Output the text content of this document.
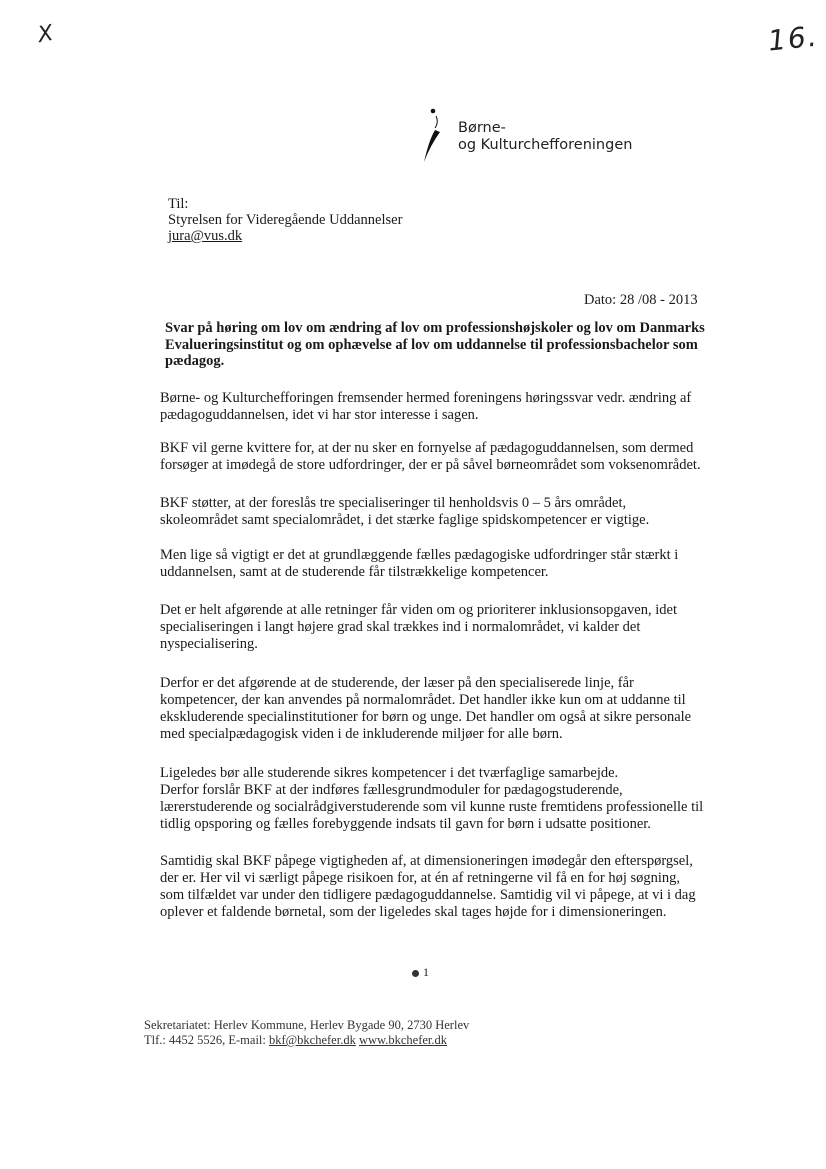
X	16.
Børne-
og Kulturchefforeningen
Til:
Styrelsen for Videregående Uddannelser
jura@vus.dk
Dato: 28 /08 - 2013
Svar på høring om lov om ændring af lov om professionshøjskoler og lov om Danmarks Evalueringsinstitut og om ophævelse af lov om uddannelse til professionsbachelor som pædagog.
Børne- og Kulturchefforingen fremsender hermed foreningens høringssvar vedr. ændring af
pædagoguddannelsen, idet vi har stor interesse i sagen.
BKF vil gerne kvittere for, at der nu sker en fornyelse af pædagoguddannelsen, som dermed
forsøger at imødegå de store udfordringer, der er på såvel børneområdet som voksenområdet.
BKF støtter, at der foreslås tre specialiseringer til henholdsvis 0 – 5 års området,
skoleområdet samt specialområdet, i det stærke faglige spidskompetencer er vigtige.
Men lige så vigtigt er det at grundlæggende fælles pædagogiske udfordringer står stærkt i
uddannelsen, samt at de studerende får tilstrækkelige kompetencer.
Det er helt afgørende at alle retninger får viden om og prioriterer inklusionsopgaven, idet
specialiseringen i langt højere grad skal trækkes ind i normalområdet, vi kalder det
nyspecialisering.
Derfor er det afgørende at de studerende, der læser på den specialiserede linje, får
kompetencer, der kan anvendes på normalområdet. Det handler ikke kun om at uddanne til
ekskluderende specialinstitutioner for børn og unge. Det handler om også at sikre personale
med specialpædagogisk viden i de inkluderende miljøer for alle børn.
Ligeledes bør alle studerende sikres kompetencer i det tværfaglige samarbejde.
Derfor forslår BKF at der indføres fællesgrundmoduler for pædagogstuderende,
lærerstuderende og socialrådgiverstuderende som vil kunne ruste fremtidens professionelle til
tidlig opsporing og fælles forebyggende indsats til gavn for børn i udsatte positioner.
Samtidig skal BKF påpege vigtigheden af, at dimensioneringen imødegår den efterspørgsel,
der er. Her vil vi særligt påpege risikoen for, at én af retningerne vil få en for høj søgning,
som tilfældet var under den tidligere pædagoguddannelse. Samtidig vil vi påpege, at vi i dag
oplever et faldende børnetal, som der ligeledes skal tages højde for i dimensioneringen.
1
Sekretariatet: Herlev Kommune, Herlev Bygade 90, 2730 Herlev
Tlf.: 4452 5526, E-mail: bkf@bkchefer.dk www.bkchefer.dk
